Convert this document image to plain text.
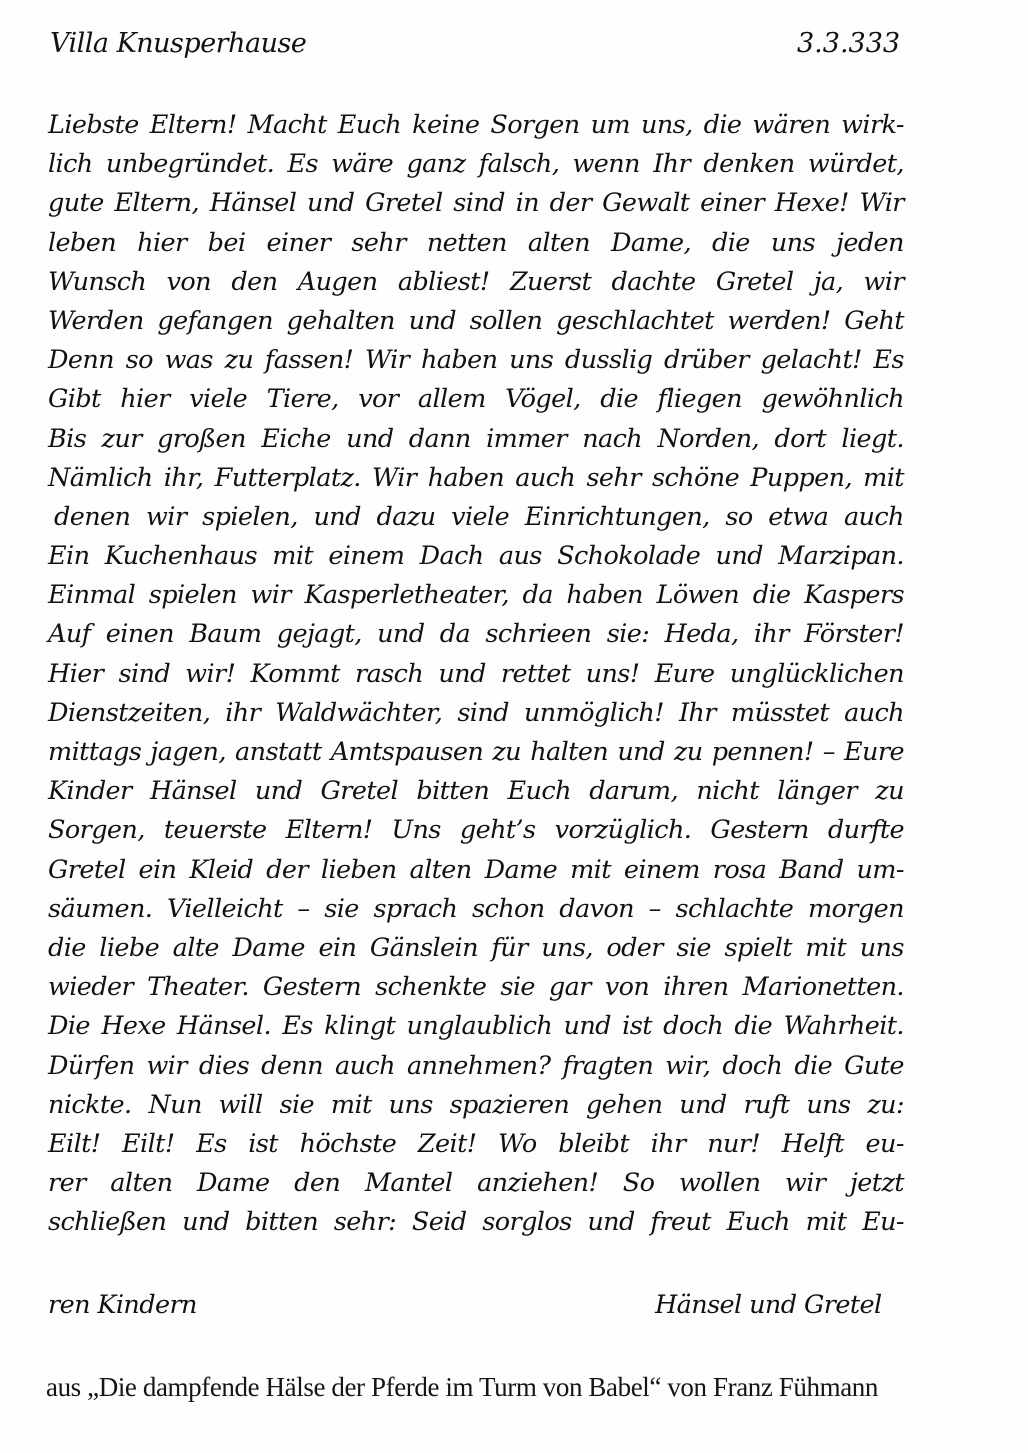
Villa Knusperhause	3.3.333
Liebste Eltern! Macht Euch keine Sorgen um uns, die wären wirk-
lich unbegründet. Es wäre ganz falsch, wenn Ihr denken würdet,
gute Eltern, Hänsel und Gretel sind in der Gewalt einer Hexe! Wir
leben hier bei einer sehr netten alten Dame, die uns jeden
Wunsch von den Augen abliest! Zuerst dachte Gretel ja, wir
Werden gefangen gehalten und sollen geschlachtet werden! Geht
Denn so was zu fassen! Wir haben uns dusslig drüber gelacht! Es
Gibt hier viele Tiere, vor allem Vögel, die fliegen gewöhnlich
Bis zur großen Eiche und dann immer nach Norden, dort liegt.
Nämlich ihr, Futterplatz. Wir haben auch sehr schöne Puppen, mit
denen wir spielen, und dazu viele Einrichtungen, so etwa auch
Ein Kuchenhaus mit einem Dach aus Schokolade und Marzipan.
Einmal spielen wir Kasperletheater, da haben Löwen die Kaspers
Auf einen Baum gejagt, und da schrieen sie: Heda, ihr Förster!
Hier sind wir! Kommt rasch und rettet uns! Eure unglücklichen
Dienstzeiten, ihr Waldwächter, sind unmöglich! Ihr müsstet auch
mittags jagen, anstatt Amtspausen zu halten und zu pennen! – Eure
Kinder Hänsel und Gretel bitten Euch darum, nicht länger zu
Sorgen, teuerste Eltern! Uns geht’s vorzüglich. Gestern durfte
Gretel ein Kleid der lieben alten Dame mit einem rosa Band um-
säumen. Vielleicht – sie sprach schon davon – schlachte morgen
die liebe alte Dame ein Gänslein für uns, oder sie spielt mit uns
wieder Theater. Gestern schenkte sie gar von ihren Marionetten.
Die Hexe Hänsel. Es klingt unglaublich und ist doch die Wahrheit.
Dürfen wir dies denn auch annehmen? fragten wir, doch die Gute
nickte. Nun will sie mit uns spazieren gehen und ruft uns zu:
Eilt! Eilt! Es ist höchste Zeit! Wo bleibt ihr nur! Helft eu-
rer alten Dame den Mantel anziehen! So wollen wir jetzt
schließen und bitten sehr: Seid sorglos und freut Euch mit Eu-
ren Kindern	Hänsel und Gretel
aus „Die dampfende Hälse der Pferde im Turm von Babel“ von Franz Fühmann
